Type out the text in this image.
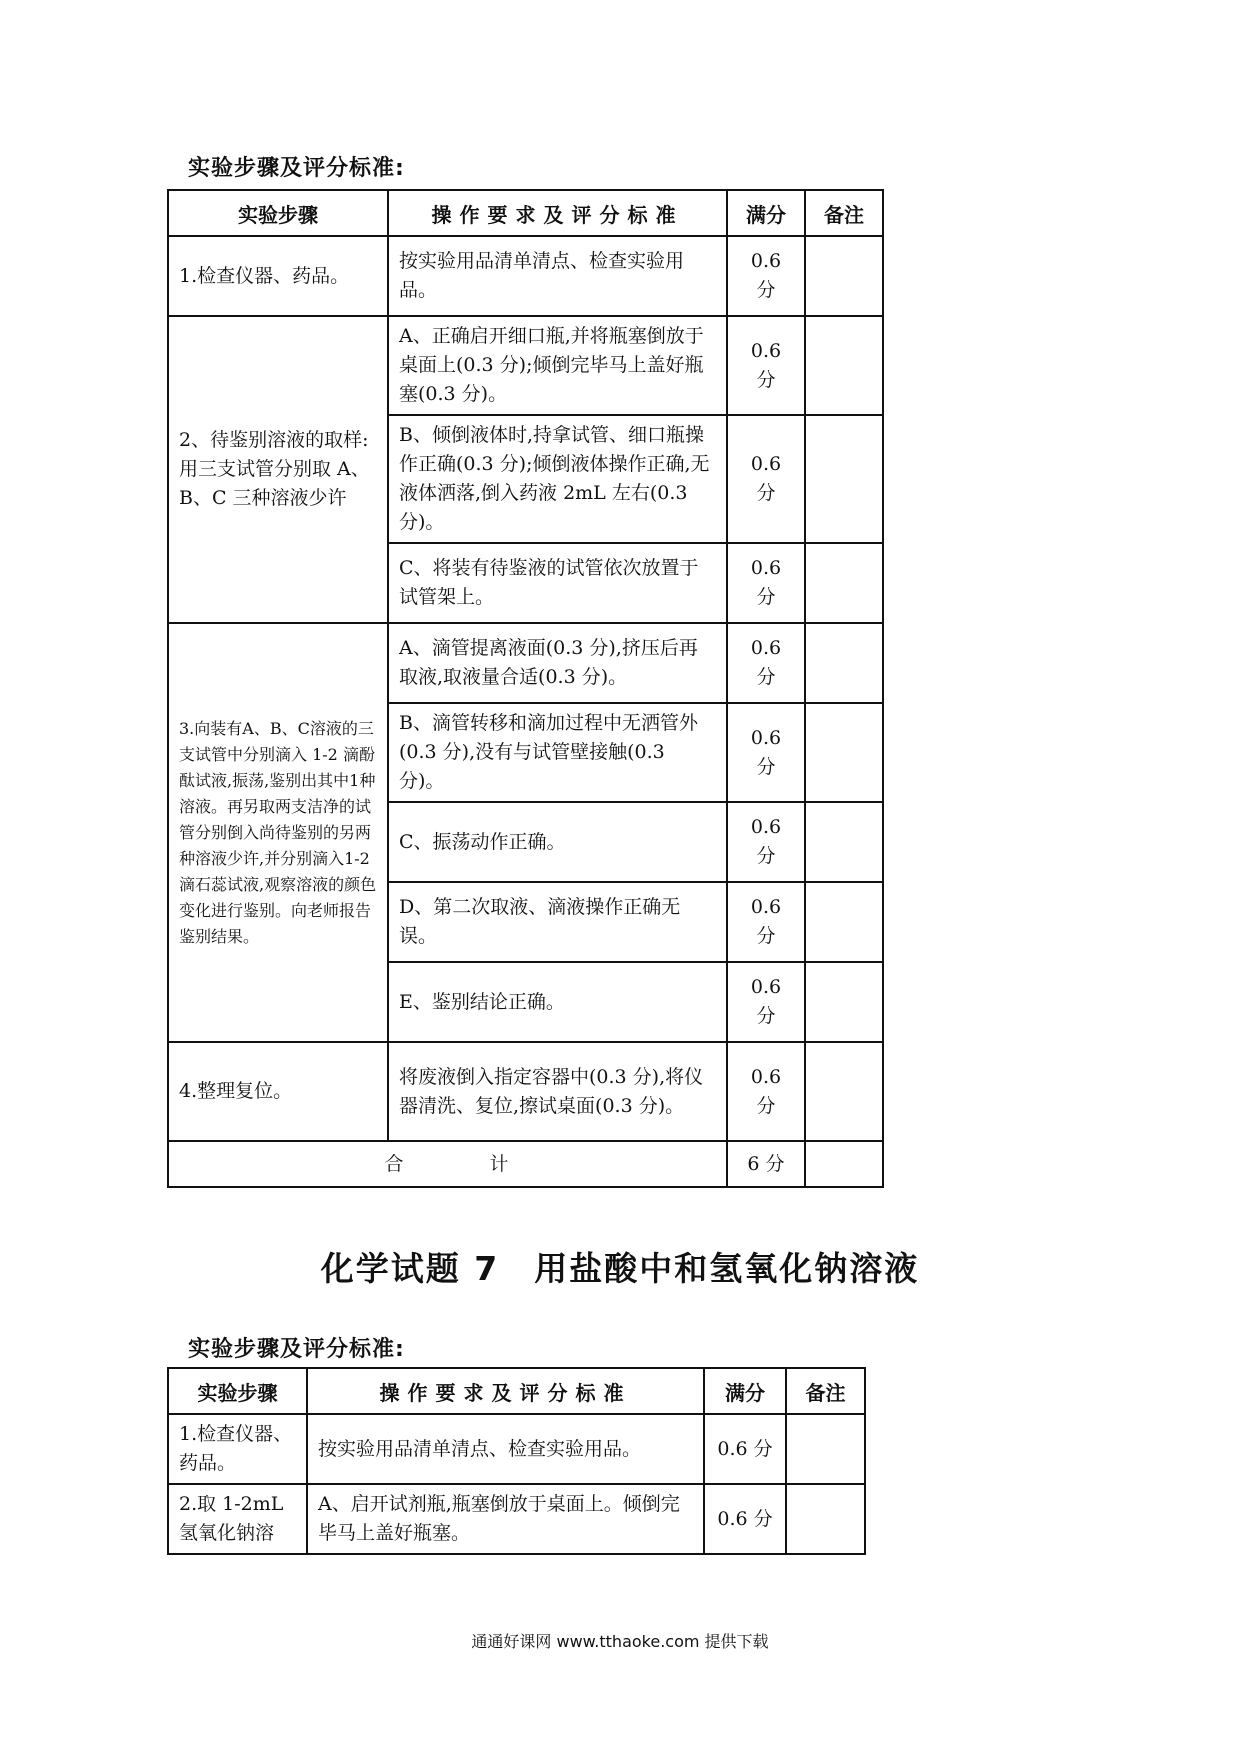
实验步骤及评分标准:
实验步骤	操作要求及评分标准	满分	备注
1.检查仪器、药品。	按实验用品清单清点、检查实验用品。	0.6
分	
2、待鉴别溶液的取样:用三支试管分别取 A、B、C 三种溶液少许	A、正确启开细口瓶,并将瓶塞倒放于桌面上(0.3 分);倾倒完毕马上盖好瓶塞(0.3 分)。	0.6
分	
	B、倾倒液体时,持拿试管、细口瓶操作正确(0.3 分);倾倒液体操作正确,无液体洒落,倒入药液 2mL 左右(0.3 分)。	0.6
分	
	C、将装有待鉴液的试管依次放置于试管架上。	0.6
分	
3.向装有A、B、C溶液的三支试管中分别滴入 1-2 滴酚酞试液,振荡,鉴别出其中1种溶液。再另取两支洁净的试管分别倒入尚待鉴别的另两种溶液少许,并分别滴入1-2滴石蕊试液,观察溶液的颜色变化进行鉴别。向老师报告鉴别结果。	A、滴管提离液面(0.3 分),挤压后再取液,取液量合适(0.3 分)。	0.6
分	
	B、滴管转移和滴加过程中无洒管外(0.3 分),没有与试管壁接触(0.3 分)。	0.6
分	
	C、振荡动作正确。	0.6
分	
	D、第二次取液、滴液操作正确无误。	0.6
分	
	E、鉴别结论正确。	0.6
分	
4.整理复位。	将废液倒入指定容器中(0.3 分),将仪器清洗、复位,擦试桌面(0.3 分)。	0.6
分	
合　　　　计		6 分	
化学试题 7　用盐酸中和氢氧化钠溶液
实验步骤及评分标准:
实验步骤	操作要求及评分标准	满分	备注
1.检查仪器、药品。	按实验用品清单清点、检查实验用品。	0.6 分	
2.取 1-2mL 氢氧化钠溶	A、启开试剂瓶,瓶塞倒放于桌面上。倾倒完毕马上盖好瓶塞。	0.6 分	
通通好课网 www.tthaoke.com 提供下载
